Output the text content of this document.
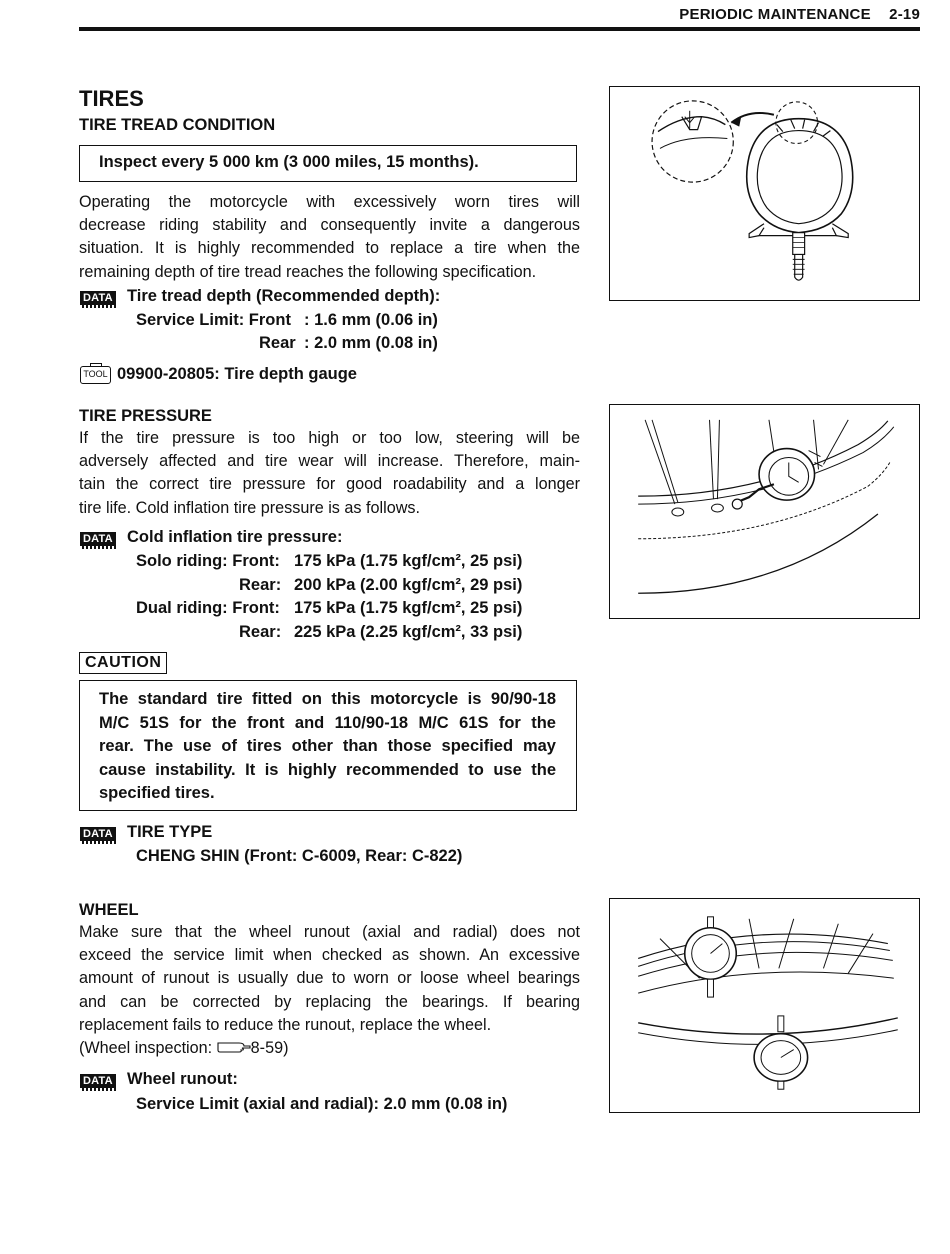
PERIODIC MAINTENANCE 2-19
TIRES
TIRE TREAD CONDITION
Inspect every 5 000 km (3 000 miles, 15 months).
Operating the motorcycle with excessively worn tires will
decrease riding stability and consequently invite a dangerous
situation. It is highly recommended to replace a tire when the
remaining depth of tire tread reaches the following specification.
DATA Tire tread depth (Recommended depth):
Service Limit: Front : 1.6 mm (0.06 in)
Rear : 2.0 mm (0.08 in)
TOOL 09900-20805: Tire depth gauge
TIRE PRESSURE
If the tire pressure is too high or too low, steering will be
adversely affected and tire wear will increase. Therefore, main-
tain the correct tire pressure for good roadability and a longer
tire life. Cold inflation tire pressure is as follows.
DATA Cold inflation tire pressure:
Solo riding: Front: 175 kPa (1.75 kgf/cm², 25 psi)
Rear: 200 kPa (2.00 kgf/cm², 29 psi)
Dual riding: Front: 175 kPa (1.75 kgf/cm², 25 psi)
Rear: 225 kPa (2.25 kgf/cm², 33 psi)
CAUTION
The standard tire fitted on this motorcycle is 90/90-18
M/C 51S for the front and 110/90-18 M/C 61S for the
rear. The use of tires other than those specified may
cause instability. It is highly recommended to use the
specified tires.
DATA TIRE TYPE
CHENG SHIN (Front: C-6009, Rear: C-822)
WHEEL
Make sure that the wheel runout (axial and radial) does not
exceed the service limit when checked as shown. An excessive
amount of runout is usually due to worn or loose wheel bearings
and can be corrected by replacing the bearings. If bearing
replacement fails to reduce the runout, replace the wheel.
(Wheel inspection: 8-59)
DATA Wheel runout:
Service Limit (axial and radial): 2.0 mm (0.08 in)
